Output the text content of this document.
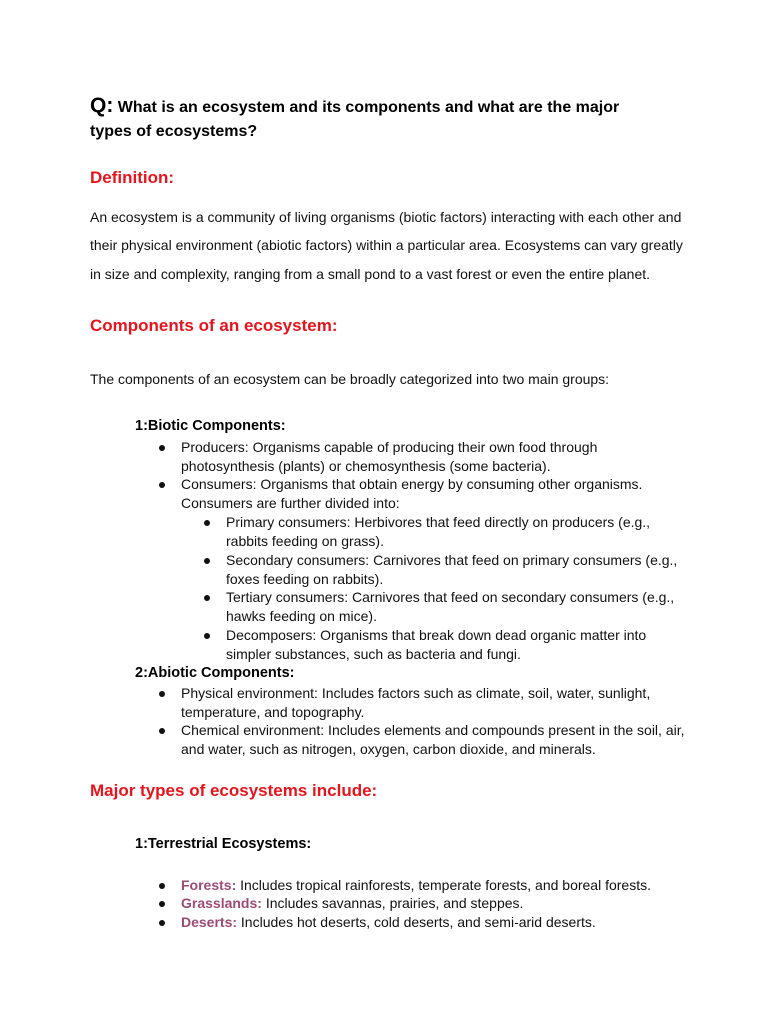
Q: What is an ecosystem and its components and what are the major
types of ecosystems?
Definition:
An ecosystem is a community of living organisms (biotic factors) interacting with each other and
their physical environment (abiotic factors) within a particular area. Ecosystems can vary greatly
in size and complexity, ranging from a small pond to a vast forest or even the entire planet.
Components of an ecosystem:
The components of an ecosystem can be broadly categorized into two main groups:
1:Biotic Components:
Producers: Organisms capable of producing their own food through
photosynthesis (plants) or chemosynthesis (some bacteria).
Consumers: Organisms that obtain energy by consuming other organisms.
Consumers are further divided into:
Primary consumers: Herbivores that feed directly on producers (e.g.,
rabbits feeding on grass).
Secondary consumers: Carnivores that feed on primary consumers (e.g.,
foxes feeding on rabbits).
Tertiary consumers: Carnivores that feed on secondary consumers (e.g.,
hawks feeding on mice).
Decomposers: Organisms that break down dead organic matter into
simpler substances, such as bacteria and fungi.
2:Abiotic Components:
Physical environment: Includes factors such as climate, soil, water, sunlight,
temperature, and topography.
Chemical environment: Includes elements and compounds present in the soil, air,
and water, such as nitrogen, oxygen, carbon dioxide, and minerals.
Major types of ecosystems include:
1:Terrestrial Ecosystems:
Forests: Includes tropical rainforests, temperate forests, and boreal forests.
Grasslands: Includes savannas, prairies, and steppes.
Deserts: Includes hot deserts, cold deserts, and semi-arid deserts.
